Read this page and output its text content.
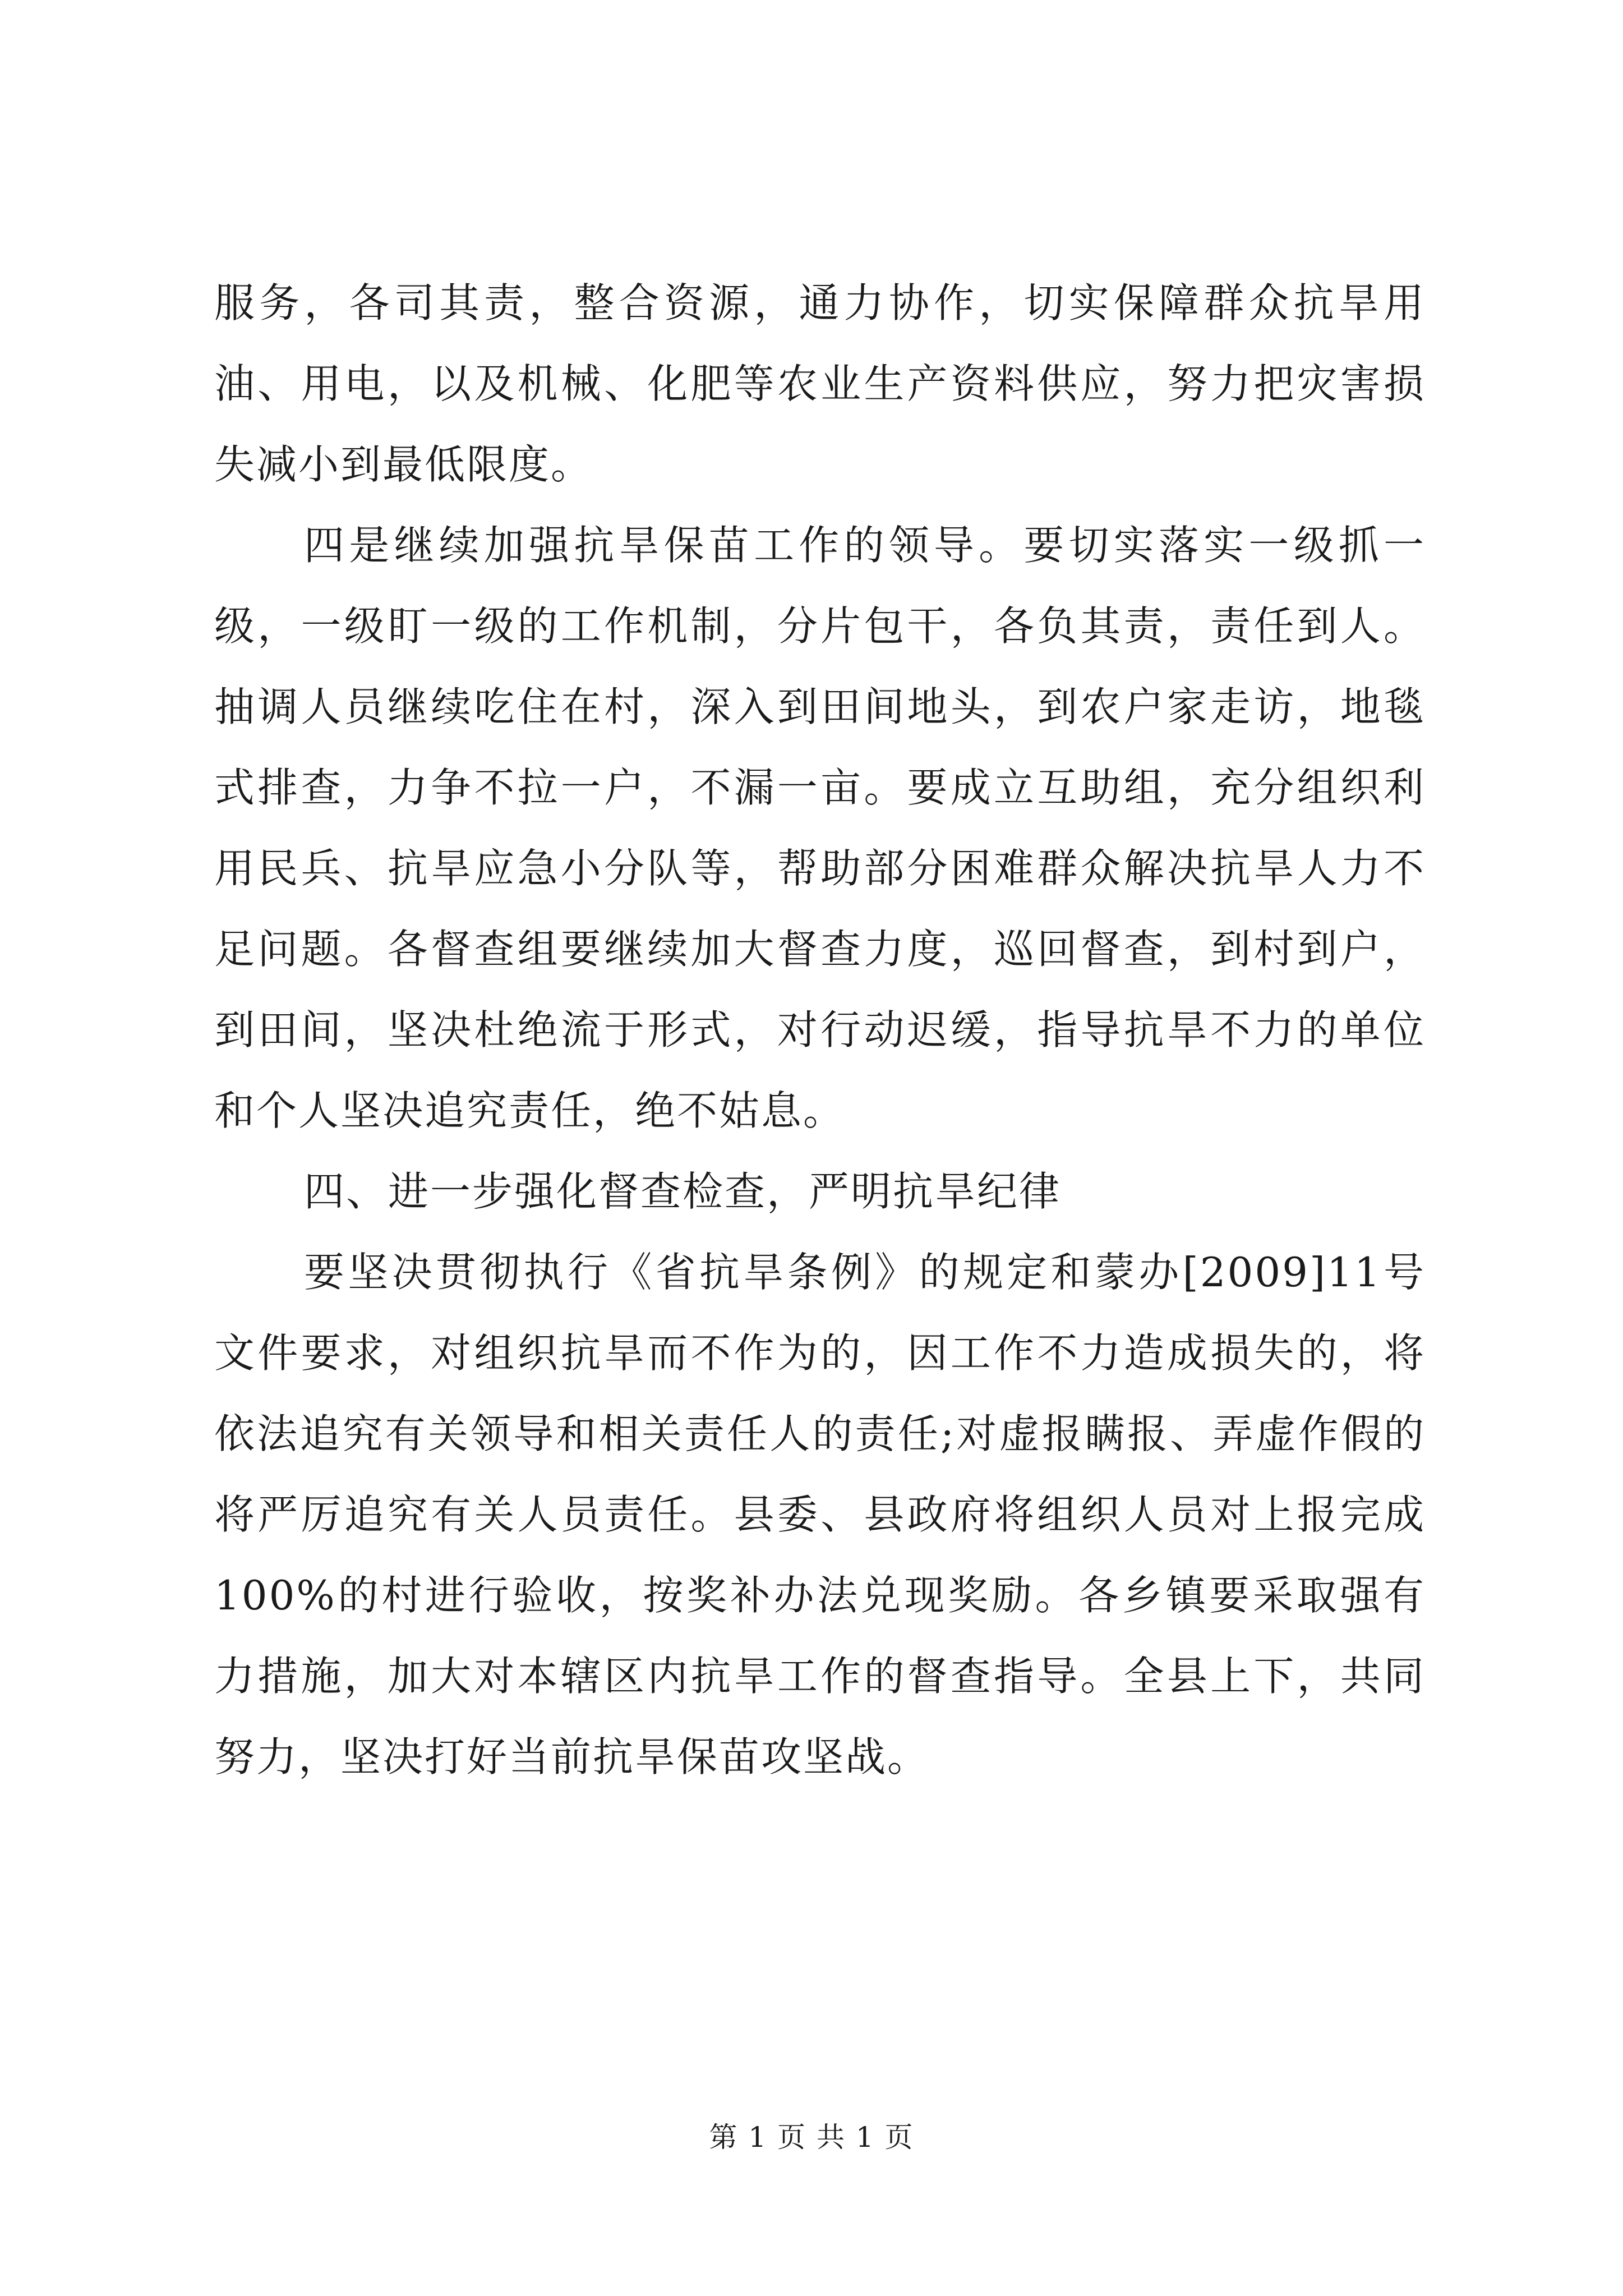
服务，各司其责，整合资源，通力协作，切实保障群众抗旱用油、用电，以及机械、化肥等农业生产资料供应，努力把灾害损失减小到最低限度。

四是继续加强抗旱保苗工作的领导。要切实落实一级抓一级，一级盯一级的工作机制，分片包干，各负其责，责任到人。抽调人员继续吃住在村，深入到田间地头，到农户家走访，地毯式排查，力争不拉一户，不漏一亩。要成立互助组，充分组织利用民兵、抗旱应急小分队等，帮助部分困难群众解决抗旱人力不足问题。各督查组要继续加大督查力度，巡回督查，到村到户，到田间，坚决杜绝流于形式，对行动迟缓，指导抗旱不力的单位和个人坚决追究责任，绝不姑息。

四、进一步强化督查检查，严明抗旱纪律

要坚决贯彻执行《省抗旱条例》的规定和蒙办[2009]11号文件要求，对组织抗旱而不作为的，因工作不力造成损失的，将依法追究有关领导和相关责任人的责任;对虚报瞒报、弄虚作假的将严厉追究有关人员责任。县委、县政府将组织人员对上报完成100%的村进行验收，按奖补办法兑现奖励。各乡镇要采取强有力措施，加大对本辖区内抗旱工作的督查指导。全县上下，共同努力，坚决打好当前抗旱保苗攻坚战。

第 1 页 共 1 页
